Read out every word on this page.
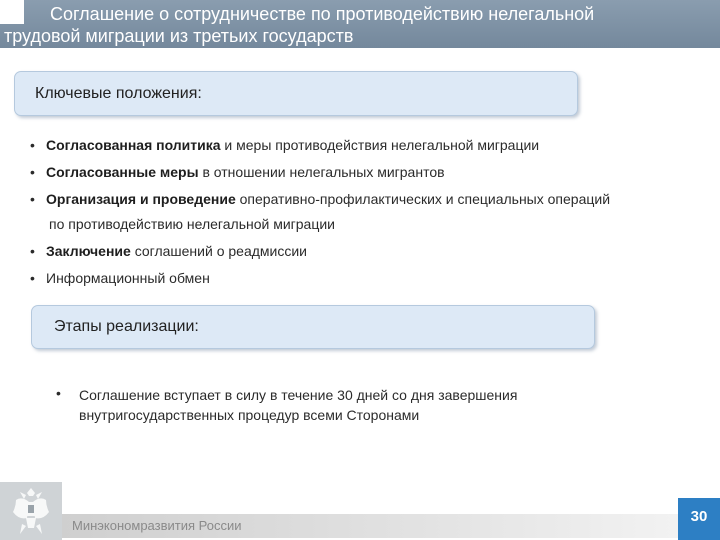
Соглашение о сотрудничестве по противодействию нелегальной
трудовой миграции из третьих государств
Ключевые положения:
• Согласованная политика и меры противодействия нелегальной миграции
• Согласованные меры в отношении нелегальных мигрантов
• Организация и проведение оперативно-профилактических и специальных операций
по противодействию нелегальной миграции
• Заключение соглашений о реадмиссии
• Информационный обмен
Этапы реализации:
• Соглашение вступает в силу в течение 30 дней со дня завершения
внутригосударственных процедур всеми Сторонами
Минэкономразвития России
30
